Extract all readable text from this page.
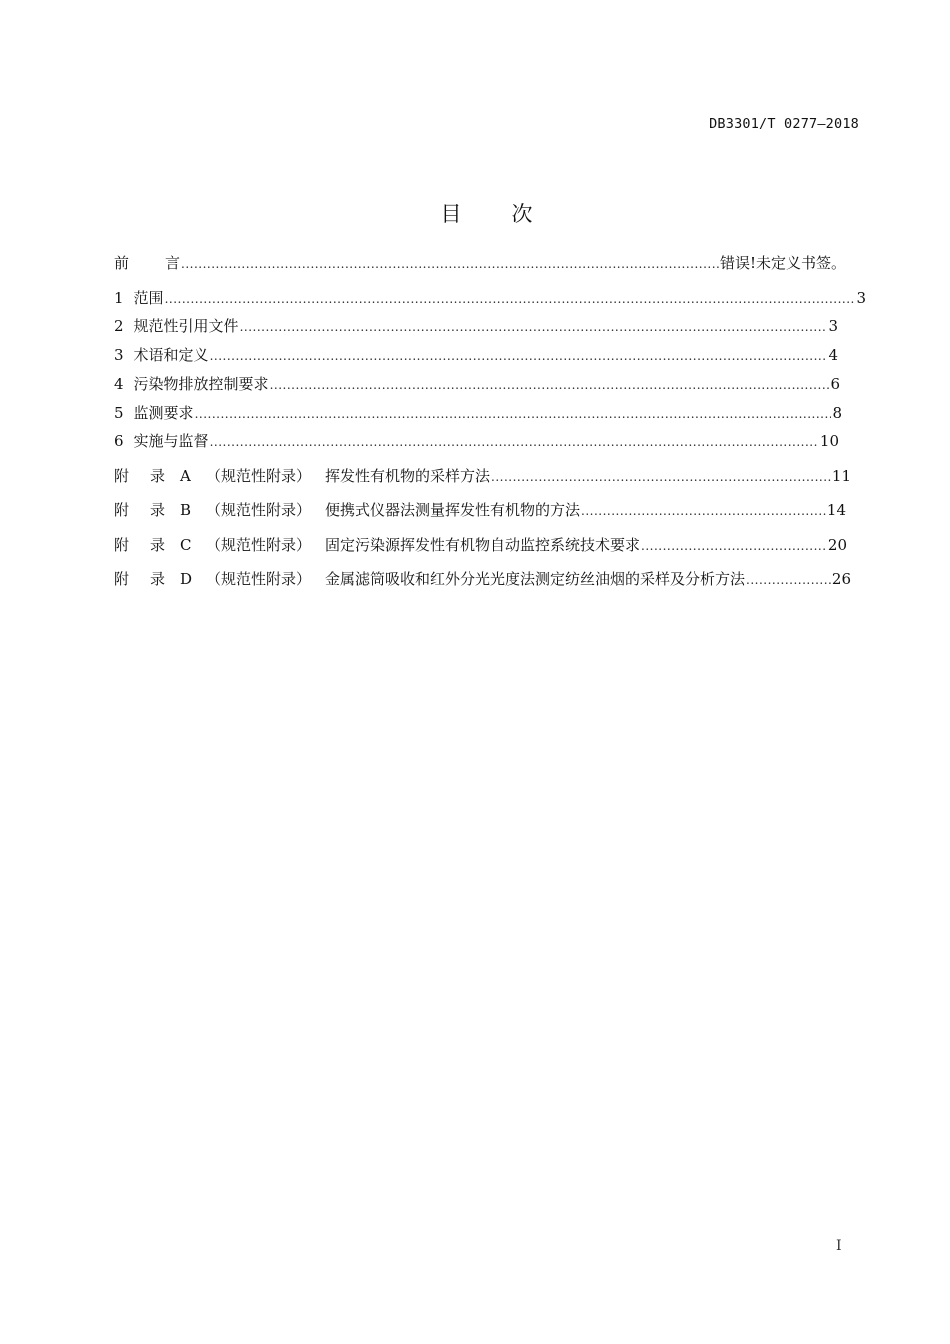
DB3301/T 0277—2018
目 次
前 言 .....	错误!未定义书签。
1 范围 .....	3
2 规范性引用文件 .....	3
3 术语和定义 .....	4
4 污染物排放控制要求 .....	6
5 监测要求 .....	8
6 实施与监督 .....	10
附 录 A （规范性附录） 挥发性有机物的采样方法 .....	11
附 录 B （规范性附录） 便携式仪器法测量挥发性有机物的方法 .....	14
附 录 C （规范性附录） 固定污染源挥发性有机物自动监控系统技术要求 .....	20
附 录 D （规范性附录） 金属滤筒吸收和红外分光光度法测定纺丝油烟的采样及分析方法 .....	26
I
